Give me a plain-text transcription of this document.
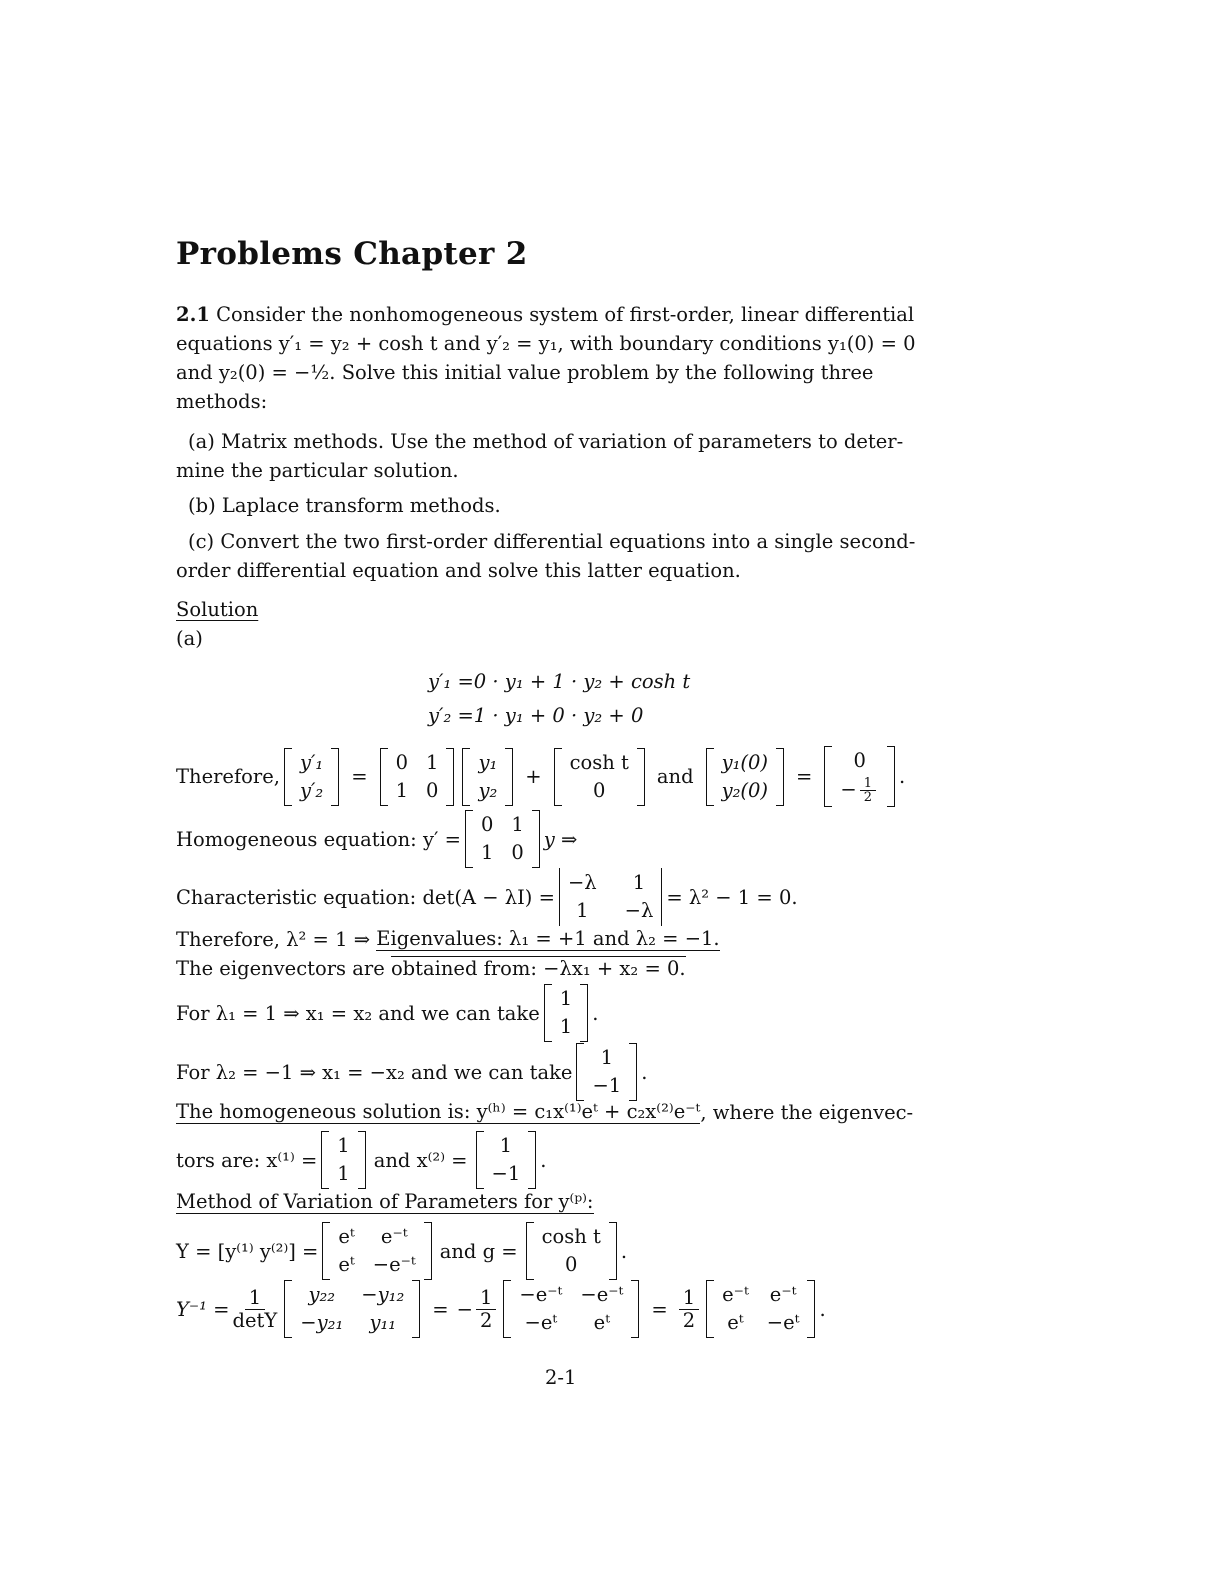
Problems Chapter 2
2.1 Consider the nonhomogeneous system of first-order, linear differential
equations y′₁ = y₂ + cosh t and y′₂ = y₁, with boundary conditions y₁(0) = 0
and y₂(0) = −½. Solve this initial value problem by the following three
methods:
(a) Matrix methods. Use the method of variation of parameters to deter-
mine the particular solution.
(b) Laplace transform methods.
(c) Convert the two first-order differential equations into a single second-
order differential equation and solve this latter equation.
Solution
(a)
y′₁ =0 · y₁ + 1 · y₂ + cosh t
y′₂ =1 · y₁ + 0 · y₂ + 0
Therefore,
y′₁
y′₂
=
0 1
1 0
y₁
y₂
+
cosh t
0
and
y₁(0)
y₂(0)
=
0
− $\frac{1}{2}$
.
Homogeneous equation: y′ =
0 1
1 0
y ⇒
Characteristic equation: det(A − λI) =
−λ	1
1	−λ
= λ² − 1 = 0.
Therefore, λ² = 1 ⇒
Eigenvalues: λ₁ = +1 and λ₂ = −1.
The eigenvectors are
obtained from: −λx₁ + x₂ = 0.
For λ₁ = 1 ⇒ x₁ = x₂ and we can take
1
1
.
For λ₂ = −1 ⇒ x₁ = −x₂ and we can take
1
−1
.
The homogeneous solution is: y⁽ʰ⁾ = c₁x⁽¹⁾eᵗ + c₂x⁽²⁾e⁻ᵗ , where the eigenvec-
tors are: x⁽¹⁾ =
1
1
and x⁽²⁾ =
1
−1
.
Method of Variation of Parameters for y⁽ᵖ⁾:
Y = [y⁽¹⁾ y⁽²⁾] =
eᵗ	e⁻ᵗ
eᵗ −e⁻ᵗ
and g =
cosh t
0
.
$Y^{-1} = \frac{1}{\det Y}$	y₂₂	−y₁₂
−y₂₁	y₁₁
= − $\frac{1}{2}$ −e⁻ᵗ −e⁻ᵗ
−eᵗ	eᵗ
= $\frac{1}{2}$ e⁻ᵗ e⁻ᵗ
eᵗ −eᵗ
.
2-1
